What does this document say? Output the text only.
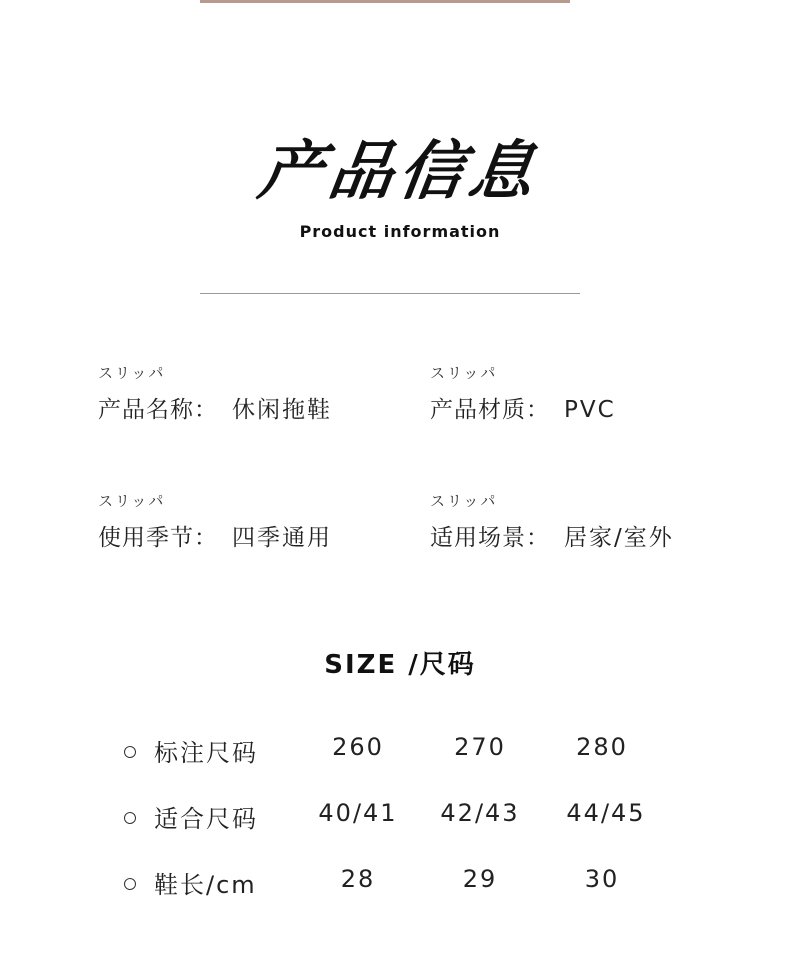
产品信息
Product information
スリッパ
产品名称： 休闲拖鞋
スリッパ
产品材质： PVC
スリッパ
使用季节： 四季通用
スリッパ
适用场景： 居家/室外
SIZE /尺码
标注尺码	260	270	280
适合尺码	40/41	42/43	44/45
鞋长/cm	28	29	30
